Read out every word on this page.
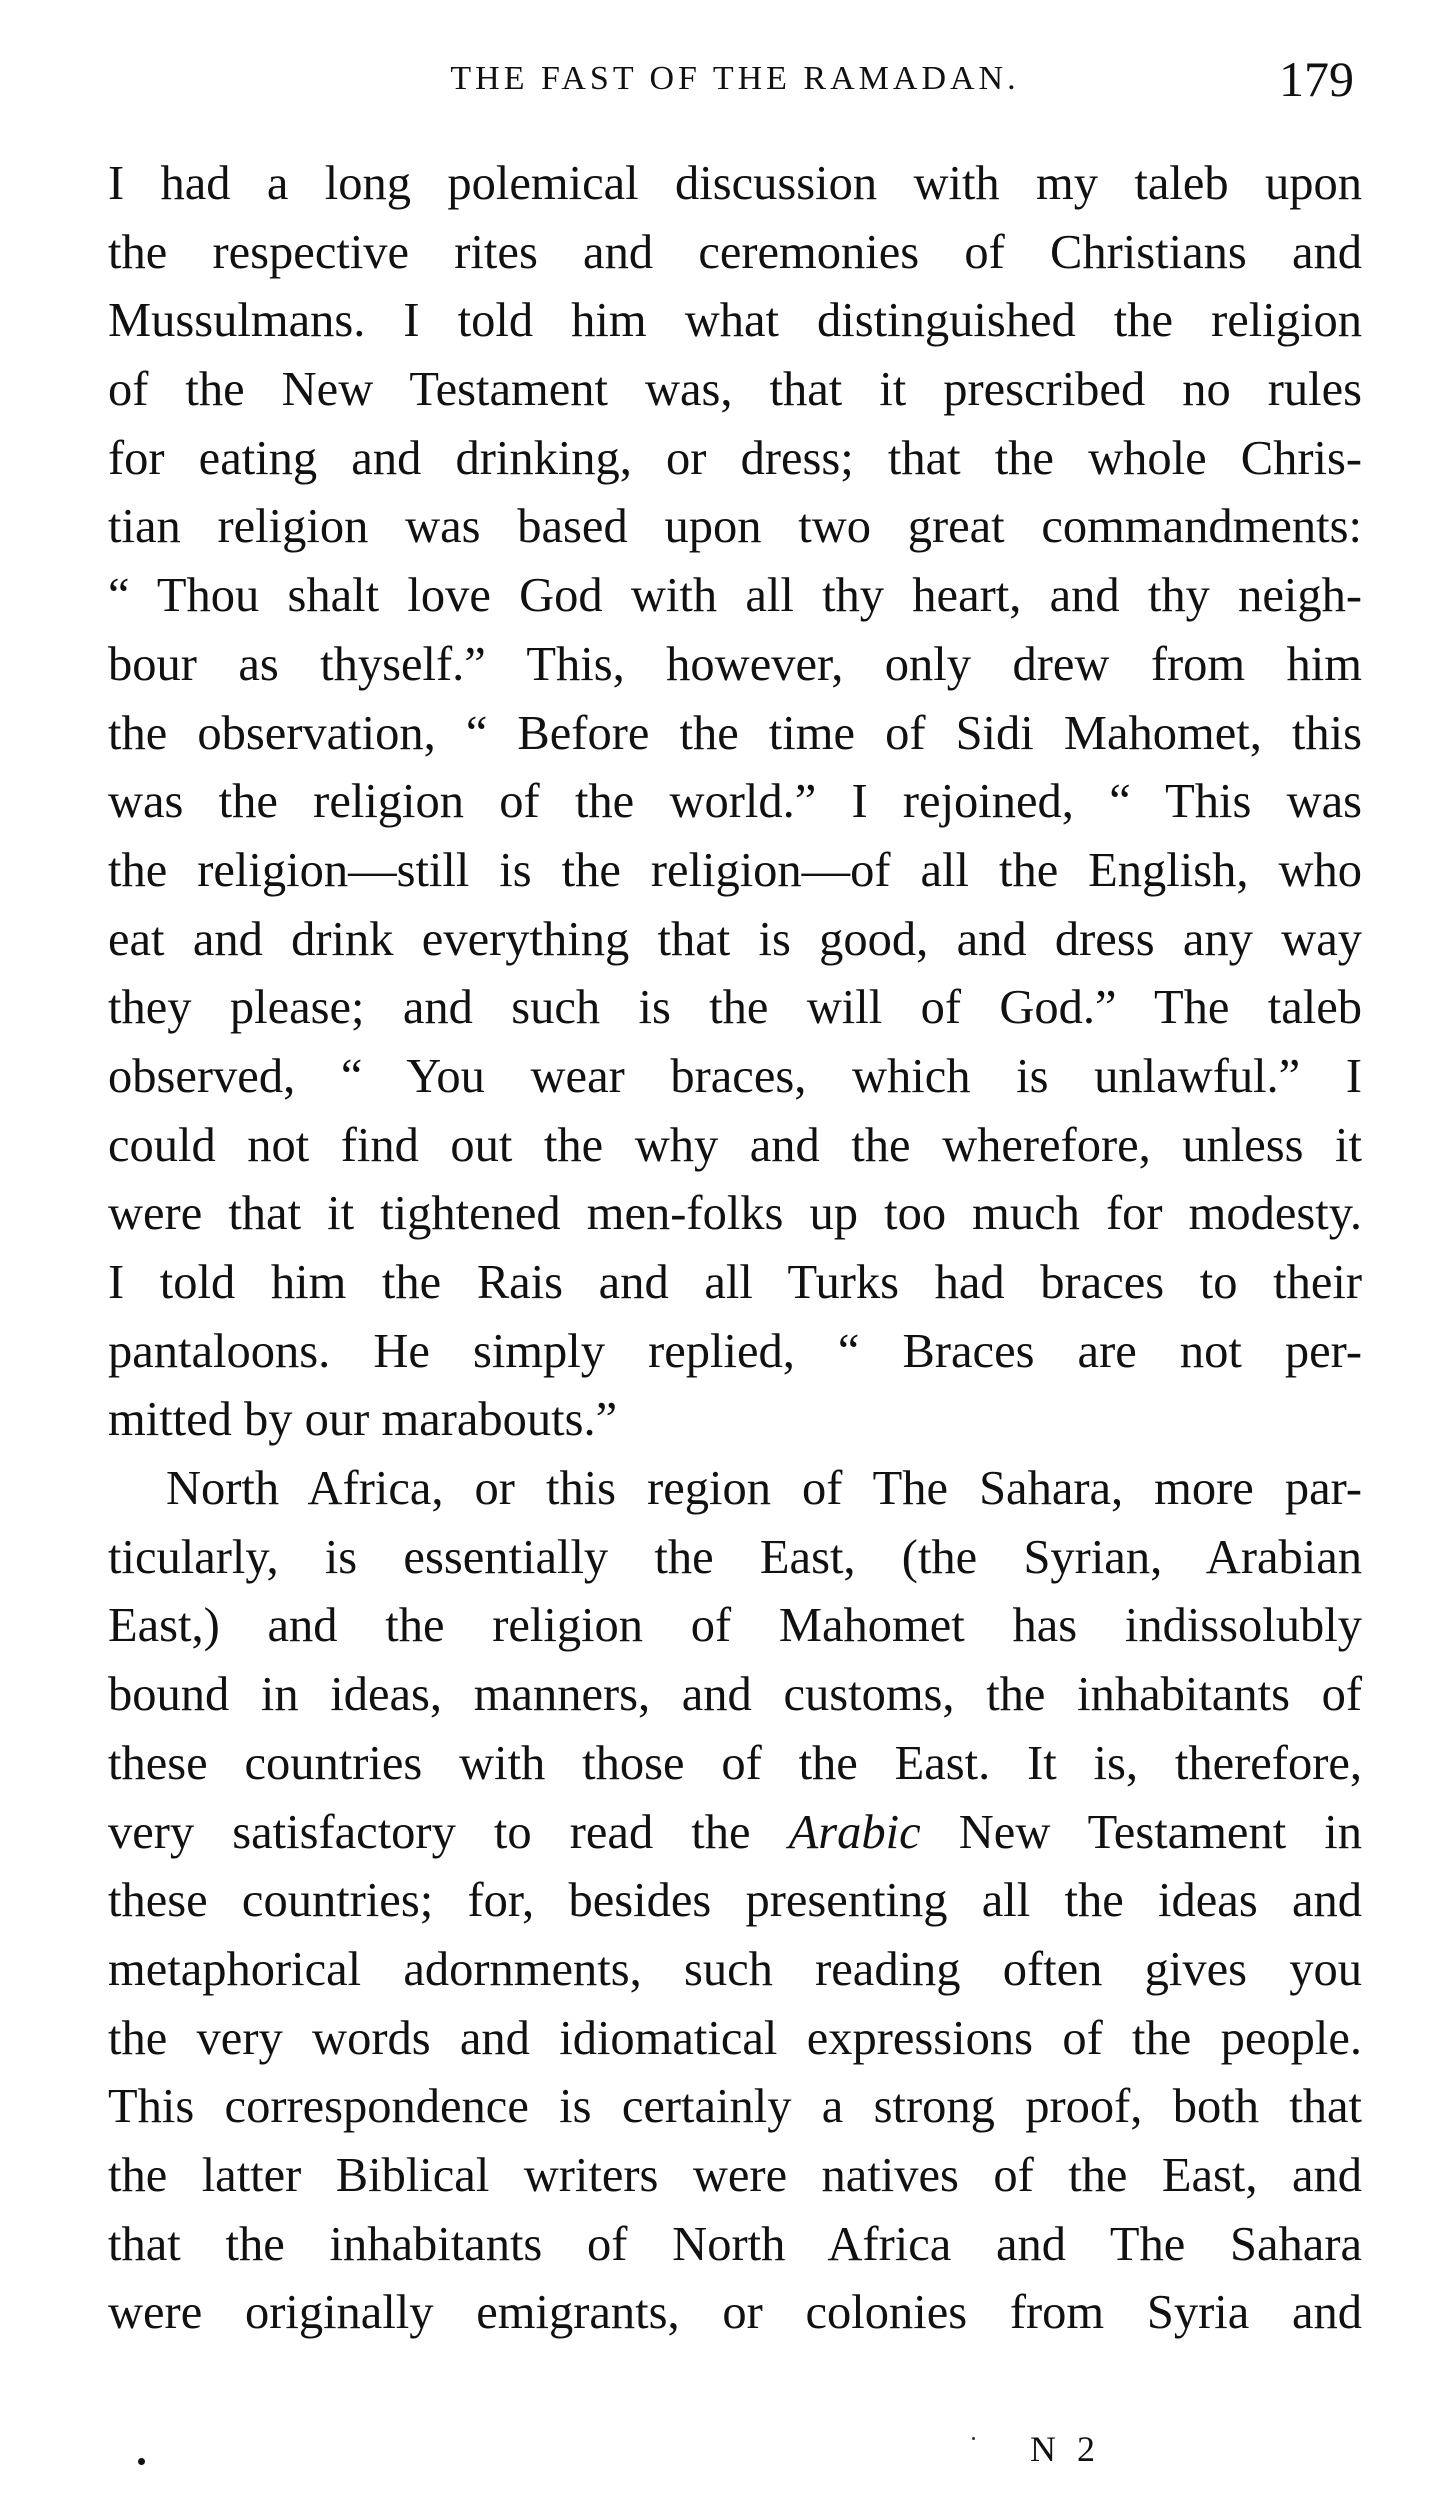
THE FAST OF THE RAMADAN.	179
I had a long polemical discussion with my taleb upon
the respective rites and ceremonies of Christians and
Mussulmans. I told him what distinguished the religion
of the New Testament was, that it prescribed no rules
for eating and drinking, or dress; that the whole Chris-
tian religion was based upon two great commandments:
“ Thou shalt love God with all thy heart, and thy neigh-
bour as thyself.” This, however, only drew from him
the observation, “ Before the time of Sidi Mahomet, this
was the religion of the world.” I rejoined, “ This was
the religion—still is the religion—of all the English, who
eat and drink everything that is good, and dress any way
they please; and such is the will of God.” The taleb
observed, “ You wear braces, which is unlawful.” I
could not find out the why and the wherefore, unless it
were that it tightened men-folks up too much for modesty.
I told him the Rais and all Turks had braces to their
pantaloons. He simply replied, “ Braces are not per-
mitted by our marabouts.”
North Africa, or this region of The Sahara, more par-
ticularly, is essentially the East, (the Syrian, Arabian
East,) and the religion of Mahomet has indissolubly
bound in ideas, manners, and customs, the inhabitants of
these countries with those of the East. It is, therefore,
very satisfactory to read the Arabic New Testament in
these countries; for, besides presenting all the ideas and
metaphorical adornments, such reading often gives you
the very words and idiomatical expressions of the people.
This correspondence is certainly a strong proof, both that
the latter Biblical writers were natives of the East, and
that the inhabitants of North Africa and The Sahara
were originally emigrants, or colonies from Syria and
N 2
